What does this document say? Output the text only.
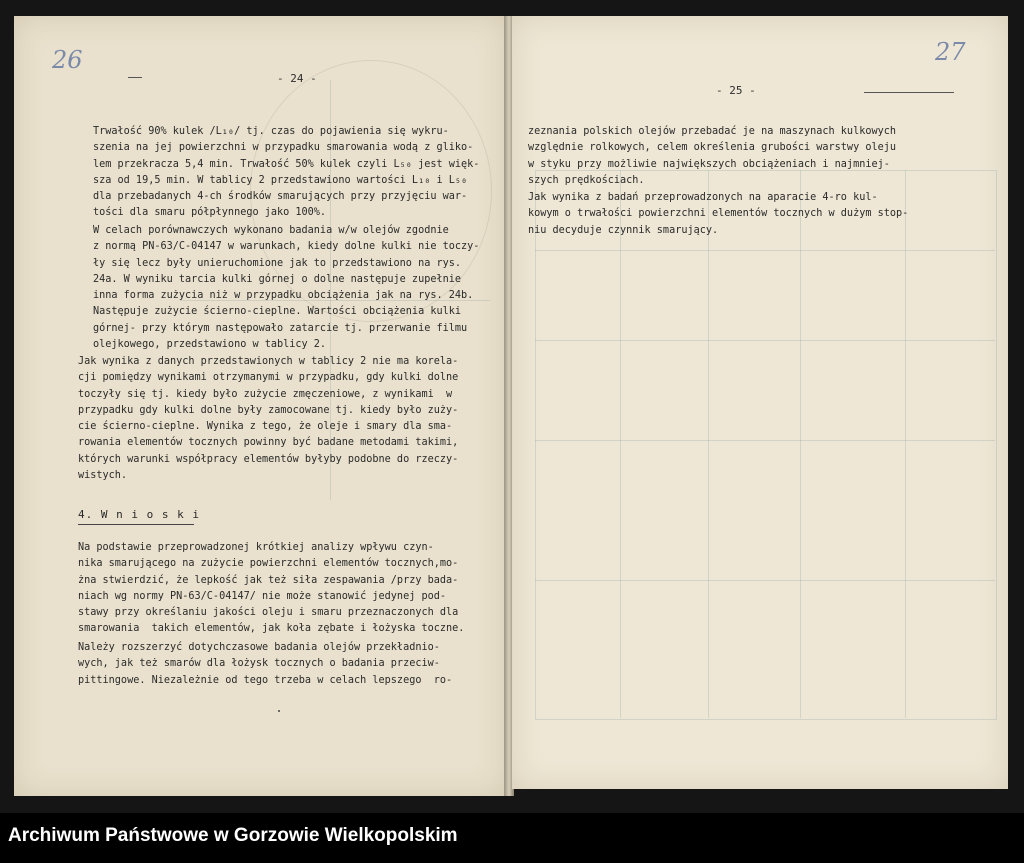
26
- 24 -
Trwałość 90% kulek /L₁₀/ tj. czas do pojawienia się wykru-
szenia na jej powierzchni w przypadku smarowania wodą z gliko-
lem przekracza 5,4 min. Trwałość 50% kulek czyli L₅₀ jest więk-
sza od 19,5 min. W tablicy 2 przedstawiono wartości L₁₀ i L₅₀
dla przebadanych 4-ch środków smarujących przy przyjęciu war-
tości dla smaru półpłynnego jako 100%.
W celach porównawczych wykonano badania w/w olejów zgodnie
z normą PN-63/C-04147 w warunkach, kiedy dolne kulki nie toczy-
ły się lecz były unieruchomione jak to przedstawiono na rys.
24a. W wyniku tarcia kulki górnej o dolne następuje zupełnie
inna forma zużycia niż w przypadku obciążenia jak na rys. 24b.
Następuje zużycie ścierno-cieplne. Wartości obciążenia kulki
górnej- przy którym następowało zatarcie tj. przerwanie filmu
olejkowego, przedstawiono w tablicy 2.
Jak wynika z danych przedstawionych w tablicy 2 nie ma korela-
cji pomiędzy wynikami otrzymanymi w przypadku, gdy kulki dolne
toczyły się tj. kiedy było zużycie zmęczeniowe, z wynikami  w
przypadku gdy kulki dolne były zamocowane tj. kiedy było zuży-
cie ścierno-cieplne. Wynika z tego, że oleje i smary dla sma-
rowania elementów tocznych powinny być badane metodami takimi,
których warunki współpracy elementów byłyby podobne do rzeczy-
wistych.
4. W n i o s k i
Na podstawie przeprowadzonej krótkiej analizy wpływu czyn-
nika smarującego na zużycie powierzchni elementów tocznych,mo-
żna stwierdzić, że lepkość jak też siła zespawania /przy bada-
niach wg normy PN-63/C-04147/ nie może stanowić jedynej pod-
stawy przy określaniu jakości oleju i smaru przeznaczonych dla
smarowania  takich elementów, jak koła zębate i łożyska toczne.
Należy rozszerzyć dotychczasowe badania olejów przekładnio-
wych, jak też smarów dla łożysk tocznych o badania przeciw-
pittingowe. Niezależnie od tego trzeba w celach lepszego  ro-
27
- 25 -
zeznania polskich olejów przebadać je na maszynach kulkowych
względnie rolkowych, celem określenia grubości warstwy oleju
w styku przy możliwie największych obciążeniach i najmniej-
szych prędkościach.
Jak wynika z badań przeprowadzonych na aparacie 4-ro kul-
kowym o trwałości powierzchni elementów tocznych w dużym stop-
niu decyduje czynnik smarujący.
Archiwum Państwowe w Gorzowie Wielkopolskim
